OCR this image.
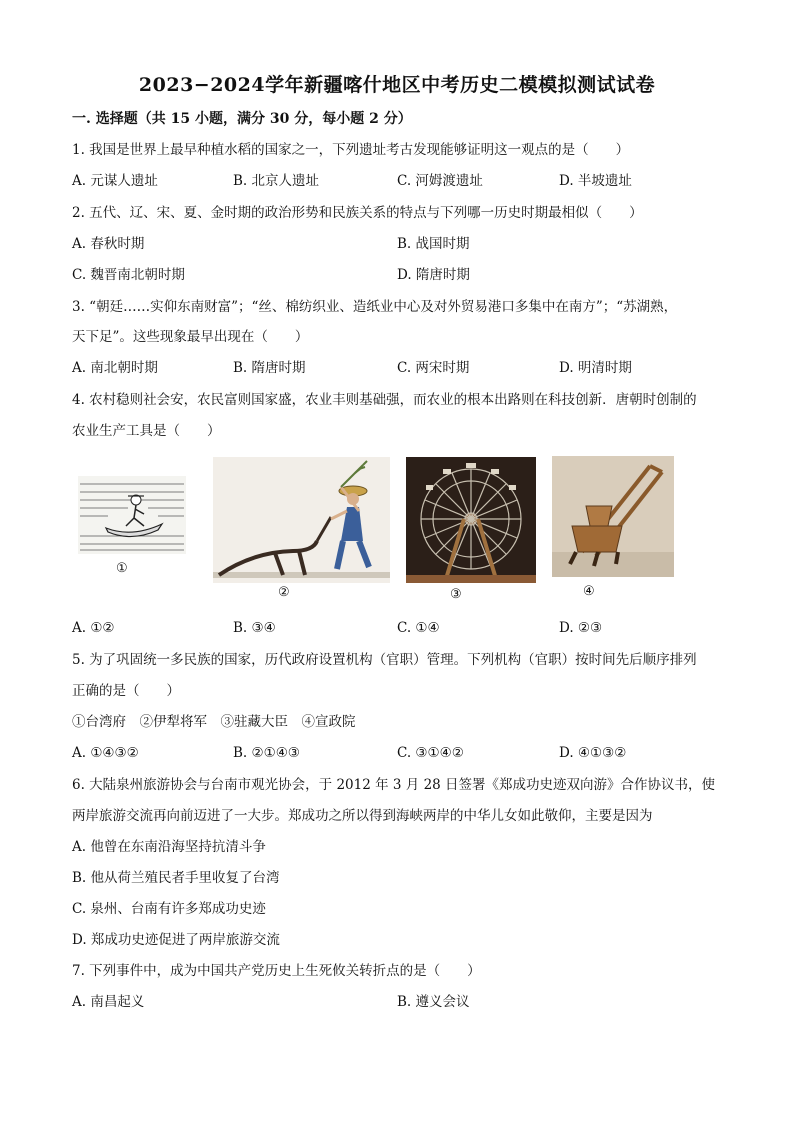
2023−2024学年新疆喀什地区中考历史二模模拟测试试卷
一. 选择题（共 15 小题，满分 30 分，每小题 2 分）
1. 我国是世界上最早种植水稻的国家之一，下列遗址考古发现能够证明这一观点的是（　　）
A. 元谋人遗址	B. 北京人遗址	C. 河姆渡遗址	D. 半坡遗址
2. 五代、辽、宋、夏、金时期的政治形势和民族关系的特点与下列哪一历史时期最相似（　　）
A. 春秋时期	B. 战国时期
C. 魏晋南北朝时期	D. 隋唐时期
3. “朝廷……实仰东南财富”；“丝、棉纺织业、造纸业中心及对外贸易港口多集中在南方”；“苏湖熟，
天下足”。这些现象最早出现在（　　）
A. 南北朝时期	B. 隋唐时期	C. 两宋时期	D. 明清时期
4. 农村稳则社会安，农民富则国家盛，农业丰则基础强，而农业的根本出路则在科技创新．唐朝时创制的
农业生产工具是（　　）
①
②	③	④
A. ①②	B. ③④	C. ①④	D. ②③
5. 为了巩固统一多民族的国家，历代政府设置机构（官职）管理。下列机构（官职）按时间先后顺序排列
正确的是（　　）
①台湾府　②伊犁将军　③驻藏大臣　④宣政院
A. ①④③②	B. ②①④③	C. ③①④②	D. ④①③②
6. 大陆泉州旅游协会与台南市观光协会，于 2012 年 3 月 28 日签署《郑成功史迹双向游》合作协议书，使
两岸旅游交流再向前迈进了一大步。郑成功之所以得到海峡两岸的中华儿女如此敬仰，主要是因为
A. 他曾在东南沿海坚持抗清斗争
B. 他从荷兰殖民者手里收复了台湾
C. 泉州、台南有许多郑成功史迹
D. 郑成功史迹促进了两岸旅游交流
7. 下列事件中，成为中国共产党历史上生死攸关转折点的是（　　）
A. 南昌起义	B. 遵义会议
